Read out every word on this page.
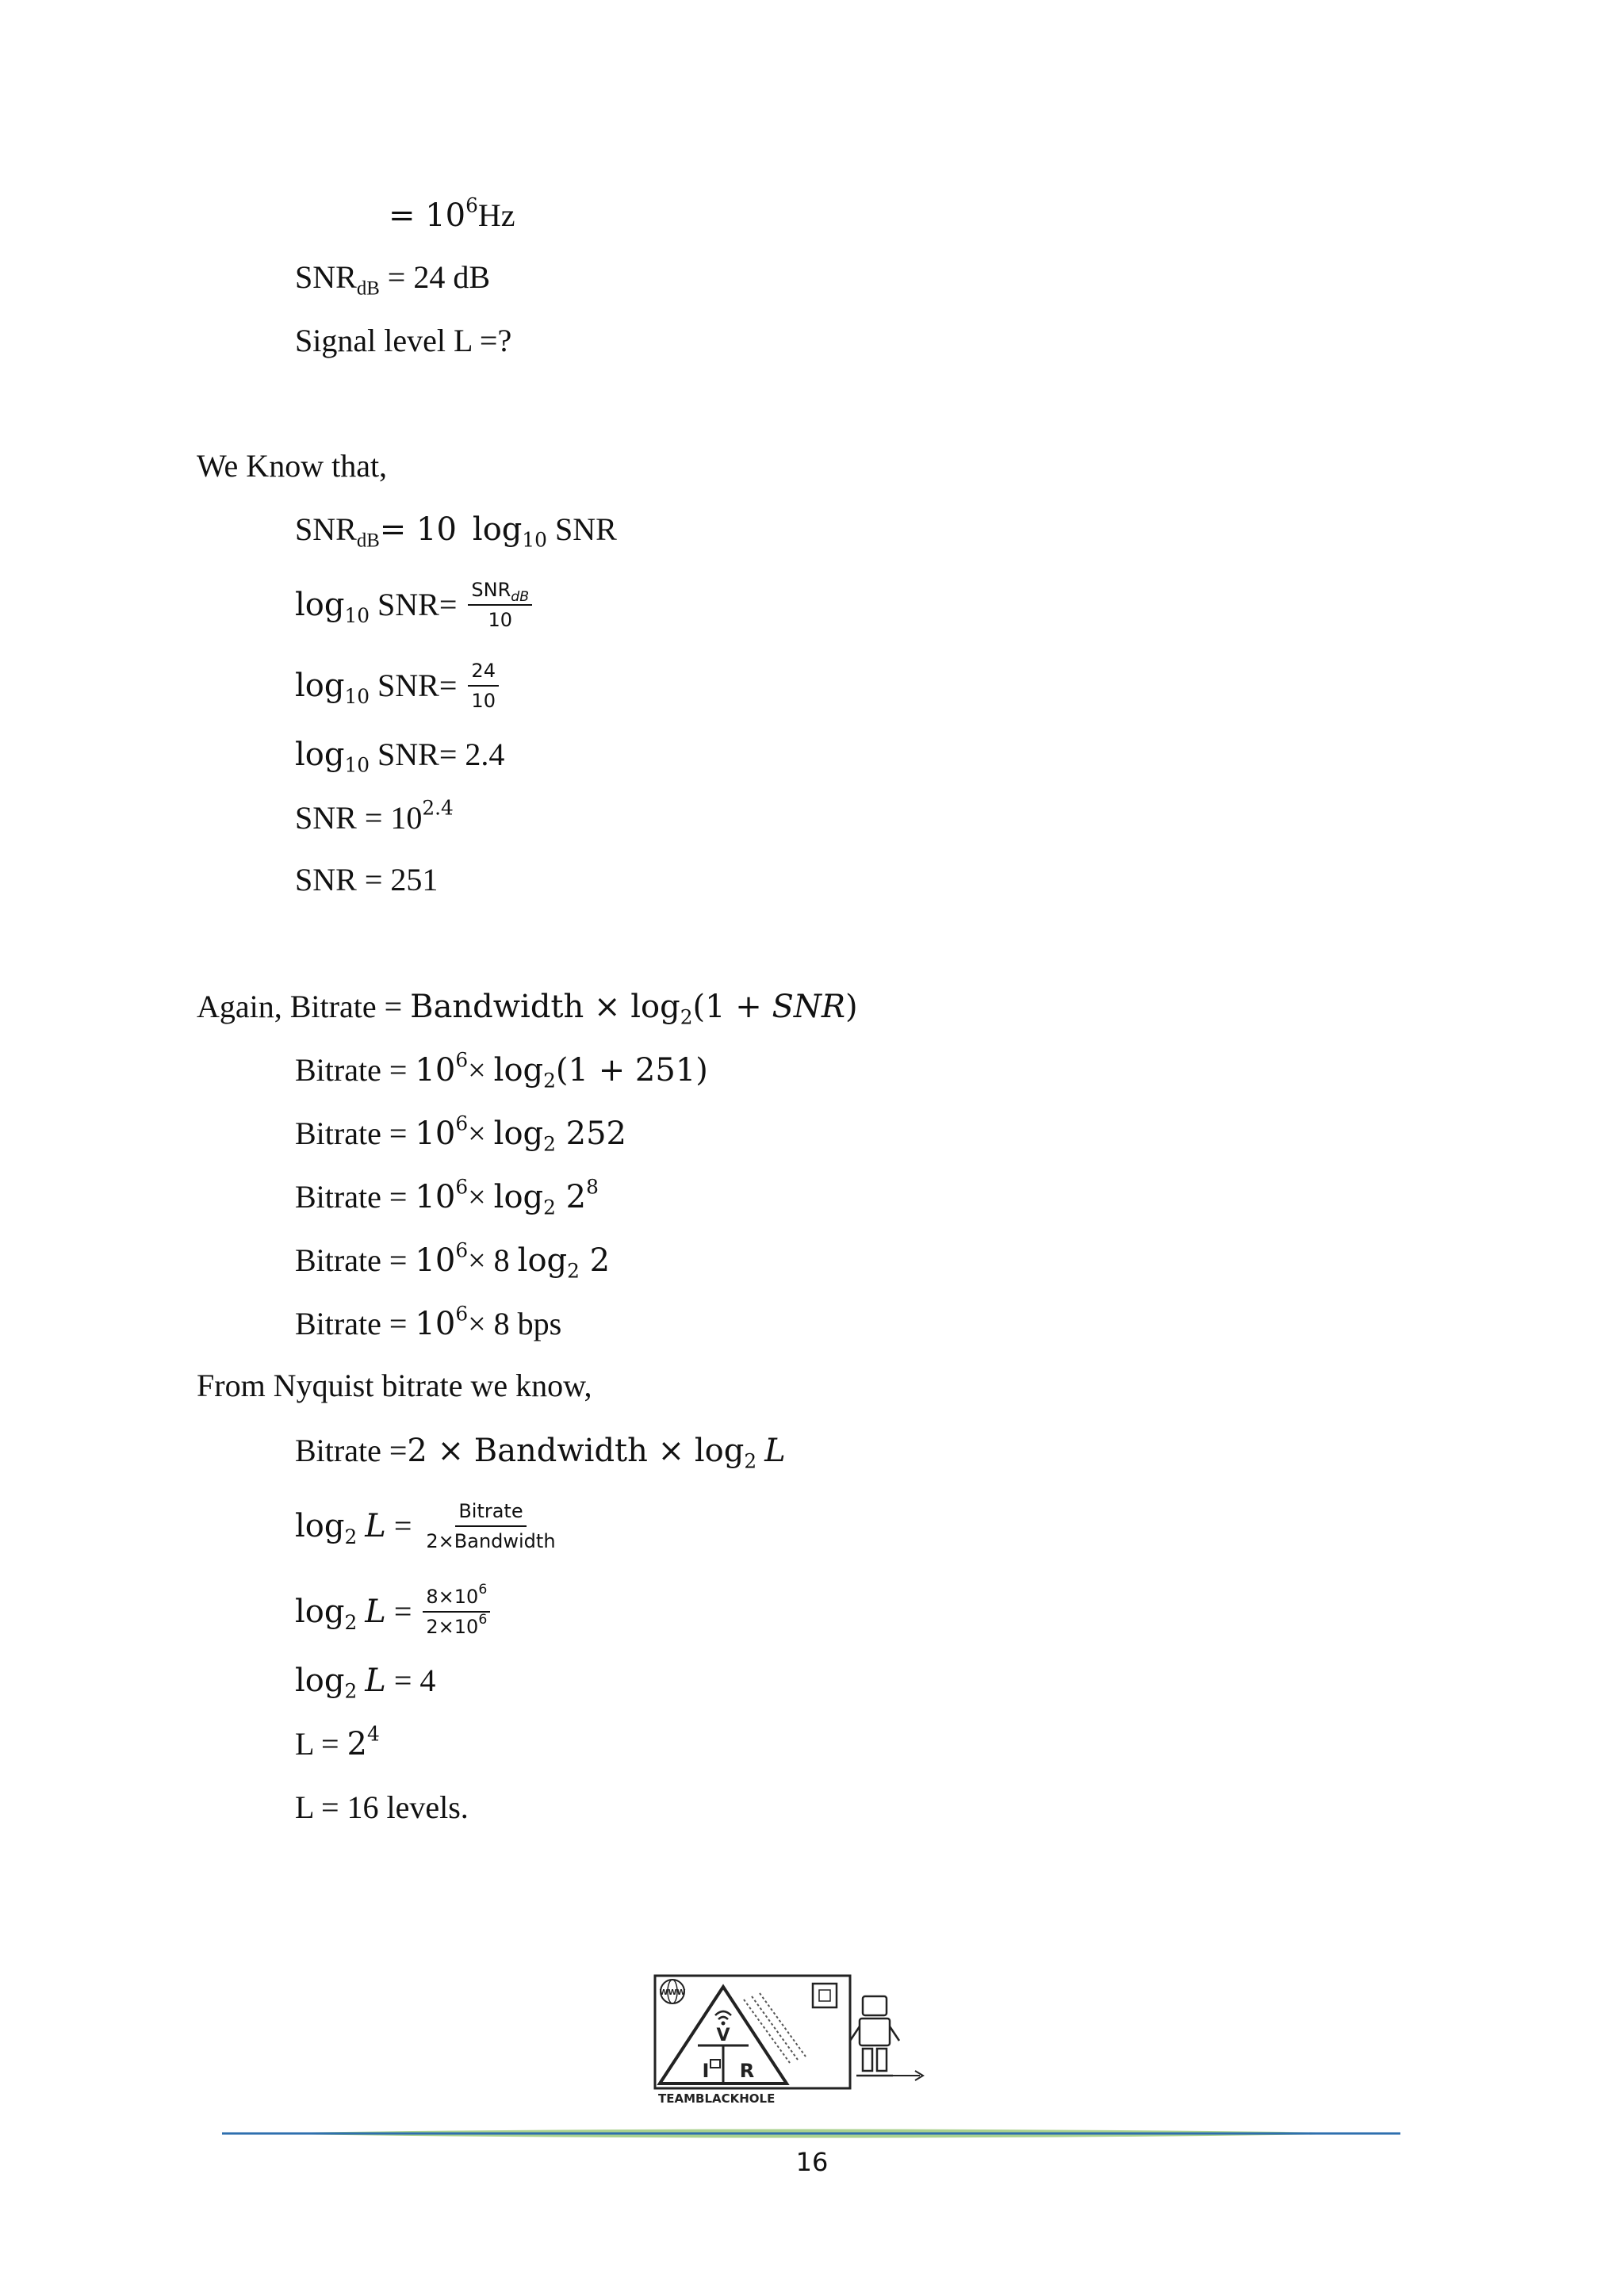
= $10^6Hz$
$SNR_{dB} = 24$ dB
Signal level L =?
We Know that,
$SNR_{dB}= 10$ $\log_{10}$ SNR
$\log_{10} SNR= \frac{SNR_{dB}}{10}$
$\log_{10} SNR= \frac{24}{10}$
$\log_{10} SNR= 2.4$
SNR = $10^{2.4}$
SNR = 251
Again, Bitrate = Bandwidth × $\log_2(1 + SNR)$
Bitrate = $10^6\times \log_2(1 + 251)$
Bitrate = $10^6\times \log_2 252$
Bitrate = $10^6\times \log_2 2^8$
Bitrate = $10^6\times 8$ $\log_2 2$
Bitrate = $10^6\times 8$ bps
From Nyquist bitrate we know,
Bitrate =2 × Bandwidth × $\log_2 L$
$\log_2 L = \frac{\text{Bitrate}}{\text{2×Bandwidth}}$
$\log_2 L = \frac{8\times 10^6}{2\times 10^6}$
$\log_2 L = 4$
$L = 2^4$
L = 16 levels.
WWW
V
I R
TEAMBLACKHOLE
16
